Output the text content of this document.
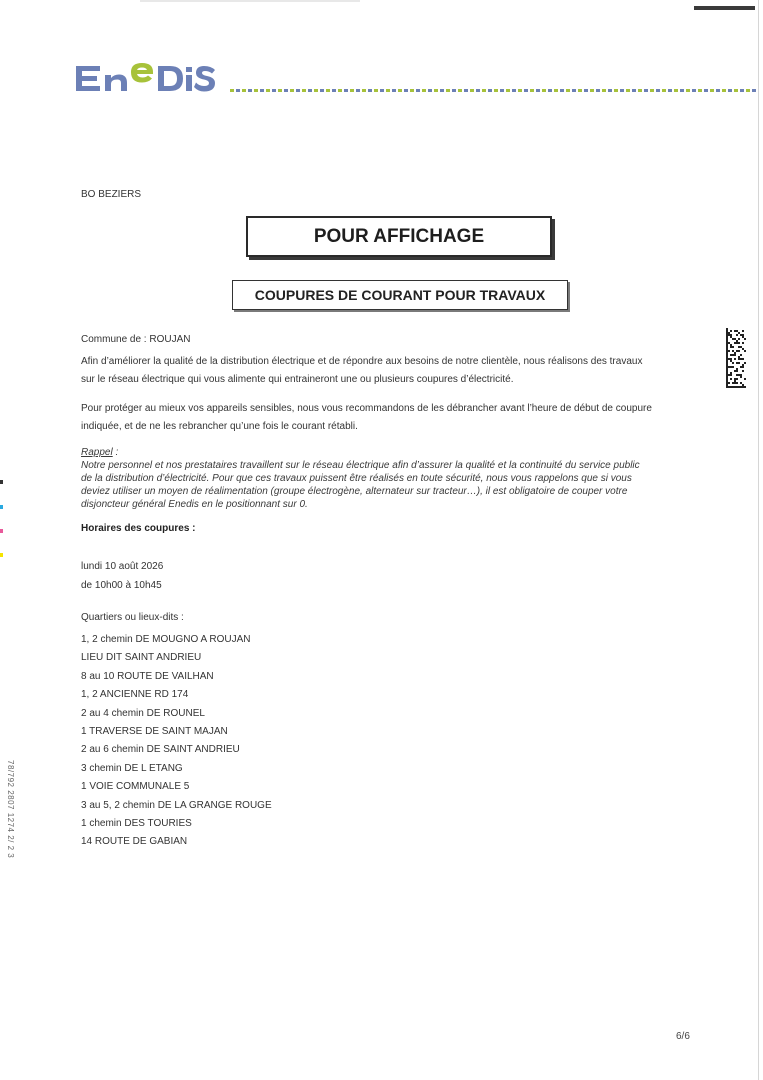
BO BEZIERS
POUR AFFICHAGE
COUPURES DE COURANT POUR TRAVAUX
Commune de : ROUJAN
Afin d’améliorer la qualité de la distribution électrique et de répondre aux besoins de notre clientèle, nous réalisons des travaux
sur le réseau électrique qui vous alimente qui entraineront une ou plusieurs coupures d’électricité.
Pour protéger au mieux vos appareils sensibles, nous vous recommandons de les débrancher avant l’heure de début de coupure
indiquée, et de ne les rebrancher qu’une fois le courant rétabli.
Rappel :
Notre personnel et nos prestataires travaillent sur le réseau électrique afin d’assurer la qualité et la continuité du service public
de la distribution d’électricité. Pour que ces travaux puissent être réalisés en toute sécurité, nous vous rappelons que si vous
deviez utiliser un moyen de réalimentation (groupe électrogène, alternateur sur tracteur…), il est obligatoire de couper votre
disjoncteur général Enedis en le positionnant sur 0.
Horaires des coupures :
lundi 10 août 2026
de 10h00 à 10h45
Quartiers ou lieux-dits :
1, 2 chemin DE MOUGNO A ROUJAN
LIEU DIT SAINT ANDRIEU
8 au 10 ROUTE DE VAILHAN
1, 2 ANCIENNE RD 174
2 au 4 chemin DE ROUNEL
1 TRAVERSE DE SAINT MAJAN
2 au 6 chemin DE SAINT ANDRIEU
3 chemin DE L ETANG
1 VOIE COMMUNALE 5
3 au 5, 2 chemin DE LA GRANGE ROUGE
1 chemin DES TOURIES
14 ROUTE DE GABIAN
6/6
78/792 2807 1274 2/ 2 3
